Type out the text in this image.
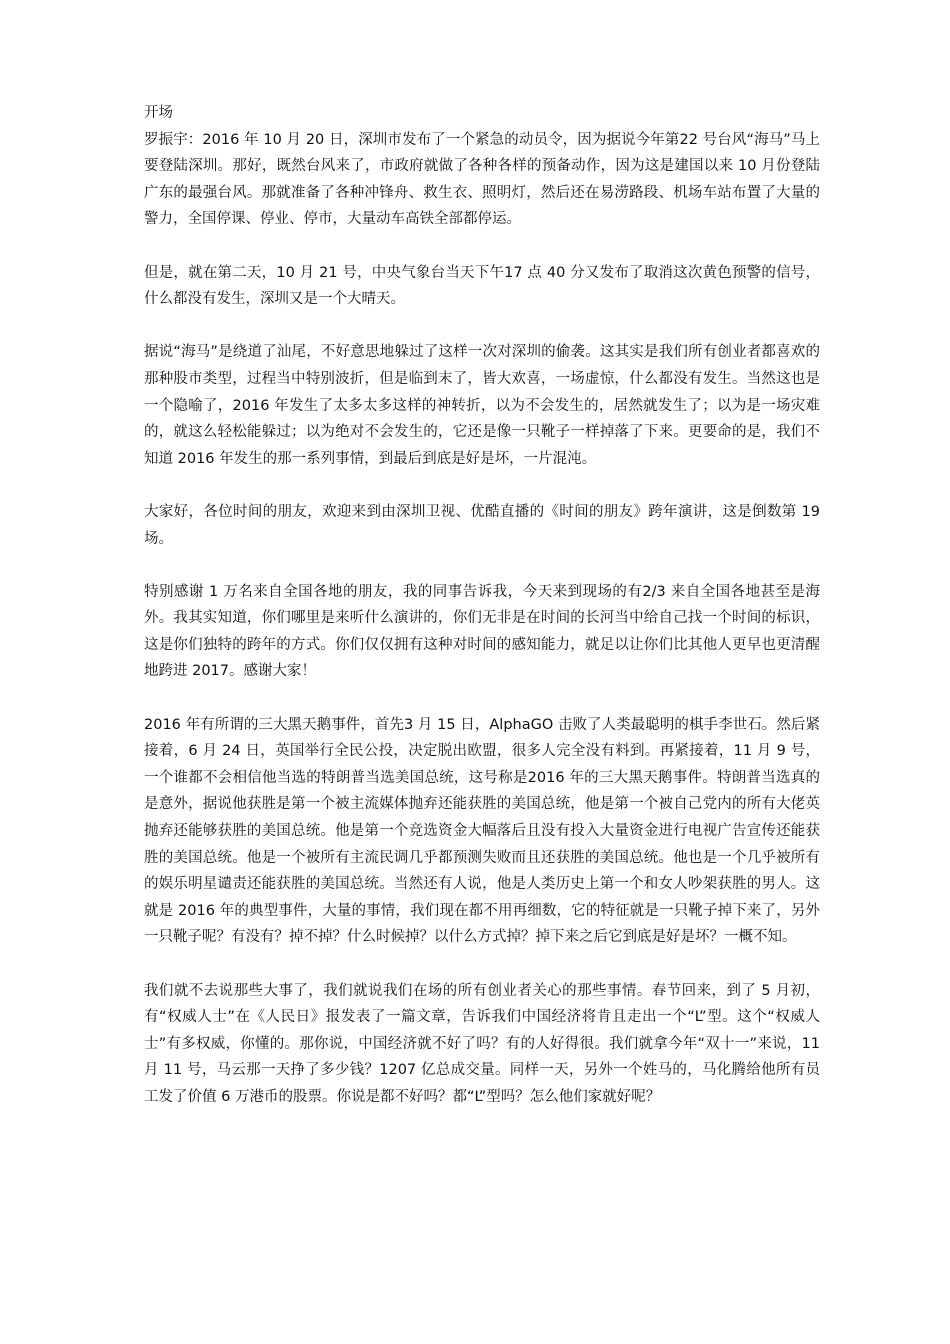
开场

罗振宇：2016 年 10 月 20 日，深圳市发布了一个紧急的动员令，因为据说今年第22 号台风“海马”马上要登陆深圳。那好，既然台风来了，市政府就做了各种各样的预备动作，因为这是建国以来 10 月份登陆广东的最强台风。那就准备了各种冲锋舟、救生衣、照明灯，然后还在易涝路段、机场车站布置了大量的警力，全国停课、停业、停市，大量动车高铁全部都停运。

但是，就在第二天，10 月 21 号，中央气象台当天下午17 点 40 分又发布了取消这次黄色预警的信号，什么都没有发生，深圳又是一个大晴天。

据说“海马”是绕道了汕尾，不好意思地躲过了这样一次对深圳的偷袭。这其实是我们所有创业者都喜欢的那种股市类型，过程当中特别波折，但是临到末了，皆大欢喜，一场虚惊，什么都没有发生。当然这也是一个隐喻了，2016 年发生了太多太多这样的神转折，以为不会发生的，居然就发生了；以为是一场灾难的，就这么轻松能躲过；以为绝对不会发生的，它还是像一只靴子一样掉落了下来。更要命的是，我们不知道 2016 年发生的那一系列事情，到最后到底是好是坏，一片混沌。

大家好，各位时间的朋友，欢迎来到由深圳卫视、优酷直播的《时间的朋友》跨年演讲，这是倒数第 19 场。

特别感谢 1 万名来自全国各地的朋友，我的同事告诉我，今天来到现场的有2/3 来自全国各地甚至是海外。我其实知道，你们哪里是来听什么演讲的，你们无非是在时间的长河当中给自己找一个时间的标识，这是你们独特的跨年的方式。你们仅仅拥有这种对时间的感知能力，就足以让你们比其他人更早也更清醒地跨进 2017。感谢大家！

2016 年有所谓的三大黑天鹅事件，首先3 月 15 日，AlphaGO 击败了人类最聪明的棋手李世石。然后紧接着，6 月 24 日，英国举行全民公投，决定脱出欧盟，很多人完全没有料到。再紧接着，11 月 9 号，一个谁都不会相信他当选的特朗普当选美国总统，这号称是2016 年的三大黑天鹅事件。特朗普当选真的是意外，据说他获胜是第一个被主流媒体抛弃还能获胜的美国总统，他是第一个被自己党内的所有大佬英抛弃还能够获胜的美国总统。他是第一个竞选资金大幅落后且没有投入大量资金进行电视广告宣传还能获胜的美国总统。他是一个被所有主流民调几乎都预测失败而且还获胜的美国总统。他也是一个几乎被所有的娱乐明星谴责还能获胜的美国总统。当然还有人说，他是人类历史上第一个和女人吵架获胜的男人。这就是 2016 年的典型事件，大量的事情，我们现在都不用再细数，它的特征就是一只靴子掉下来了，另外一只靴子呢？有没有？掉不掉？什么时候掉？以什么方式掉？掉下来之后它到底是好是坏？一概不知。

我们就不去说那些大事了，我们就说我们在场的所有创业者关心的那些事情。春节回来，到了 5 月初，有“权威人士”在《人民日》报发表了一篇文章，告诉我们中国经济将肯且走出一个“L”型。这个“权威人士”有多权威，你懂的。那你说，中国经济就不好了吗？有的人好得很。我们就拿今年“双十一”来说，11 月 11 号，马云那一天挣了多少钱？1207 亿总成交量。同样一天，另外一个姓马的，马化腾给他所有员工发了价值 6 万港币的股票。你说是都不好吗？都“L”型吗？怎么他们家就好呢？
